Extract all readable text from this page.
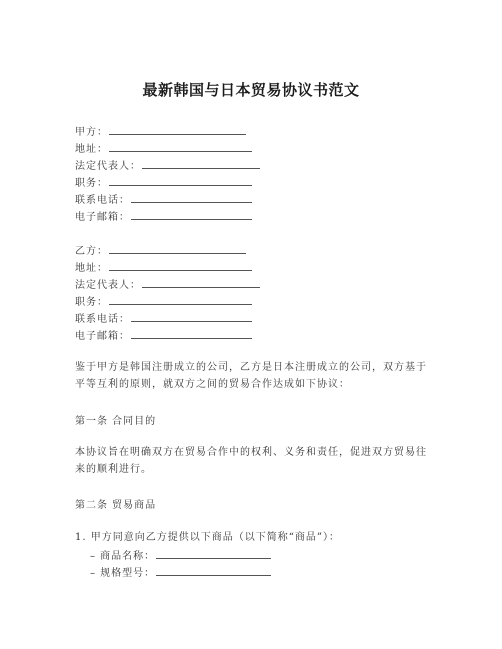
最新韩国与日本贸易协议书范文
甲方：
地址：
法定代表人：
职务：
联系电话：
电子邮箱：
乙方：
地址：
法定代表人：
职务：
联系电话：
电子邮箱：
鉴于甲方是韩国注册成立的公司，乙方是日本注册成立的公司，双方基于平等互利的原则，就双方之间的贸易合作达成如下协议：
第一条 合同目的
本协议旨在明确双方在贸易合作中的权利、义务和责任，促进双方贸易往来的顺利进行。
第二条 贸易商品
1. 甲方同意向乙方提供以下商品（以下简称“商品”）：
– 商品名称：
– 规格型号：
